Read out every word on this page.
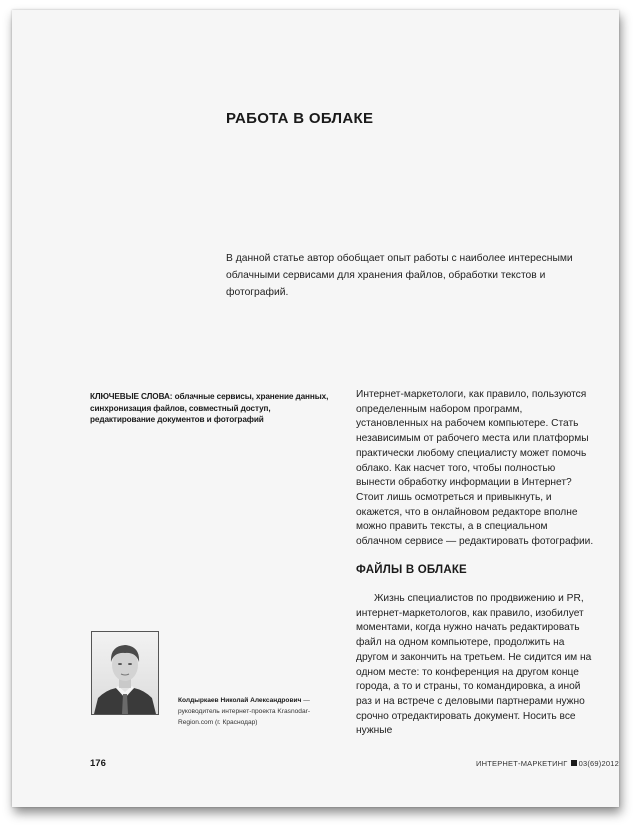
РАБОТА В ОБЛАКЕ
В данной статье автор обобщает опыт работы с наиболее интересными облачными сервисами для хранения файлов, обработки текстов и фотографий.
КЛЮЧЕВЫЕ СЛОВА: облачные сервисы, хранение данных, синхронизация файлов, совместный доступ, редактирование документов и фотографий

Интернет-маркетологи, как правило, пользуются определенным набором программ, установленных на рабочем компьютере. Стать независимым от рабочего места или платформы практически любому специалисту может помочь облако. Как насчет того, чтобы полностью вынести обработку информации в Интернет? Стоит лишь осмотреться и привыкнуть, и окажется, что в онлайновом редакторе вполне можно править тексты, а в специальном облачном сервисе — редактировать фотографии.

ФАЙЛЫ В ОБЛАКЕ

Жизнь специалистов по продвижению и PR, интернет-маркетологов, как правило, изобилует моментами, когда нужно начать редактировать файл на одном компьютере, продолжить на другом и закончить на третьем. Не сидится им на одном месте: то конференция на другом конце города, а то и страны, то командировка, а иной раз и на встрече с деловыми партнерами нужно срочно отредактировать документ. Носить все нужные

Колдыркаев Николай Александрович — руководитель интернет-проекта Krasnodar-Region.com (г. Краснодар)
176	ИНТЕРНЕТ-МАРКЕТИНГ 03(69)2012
